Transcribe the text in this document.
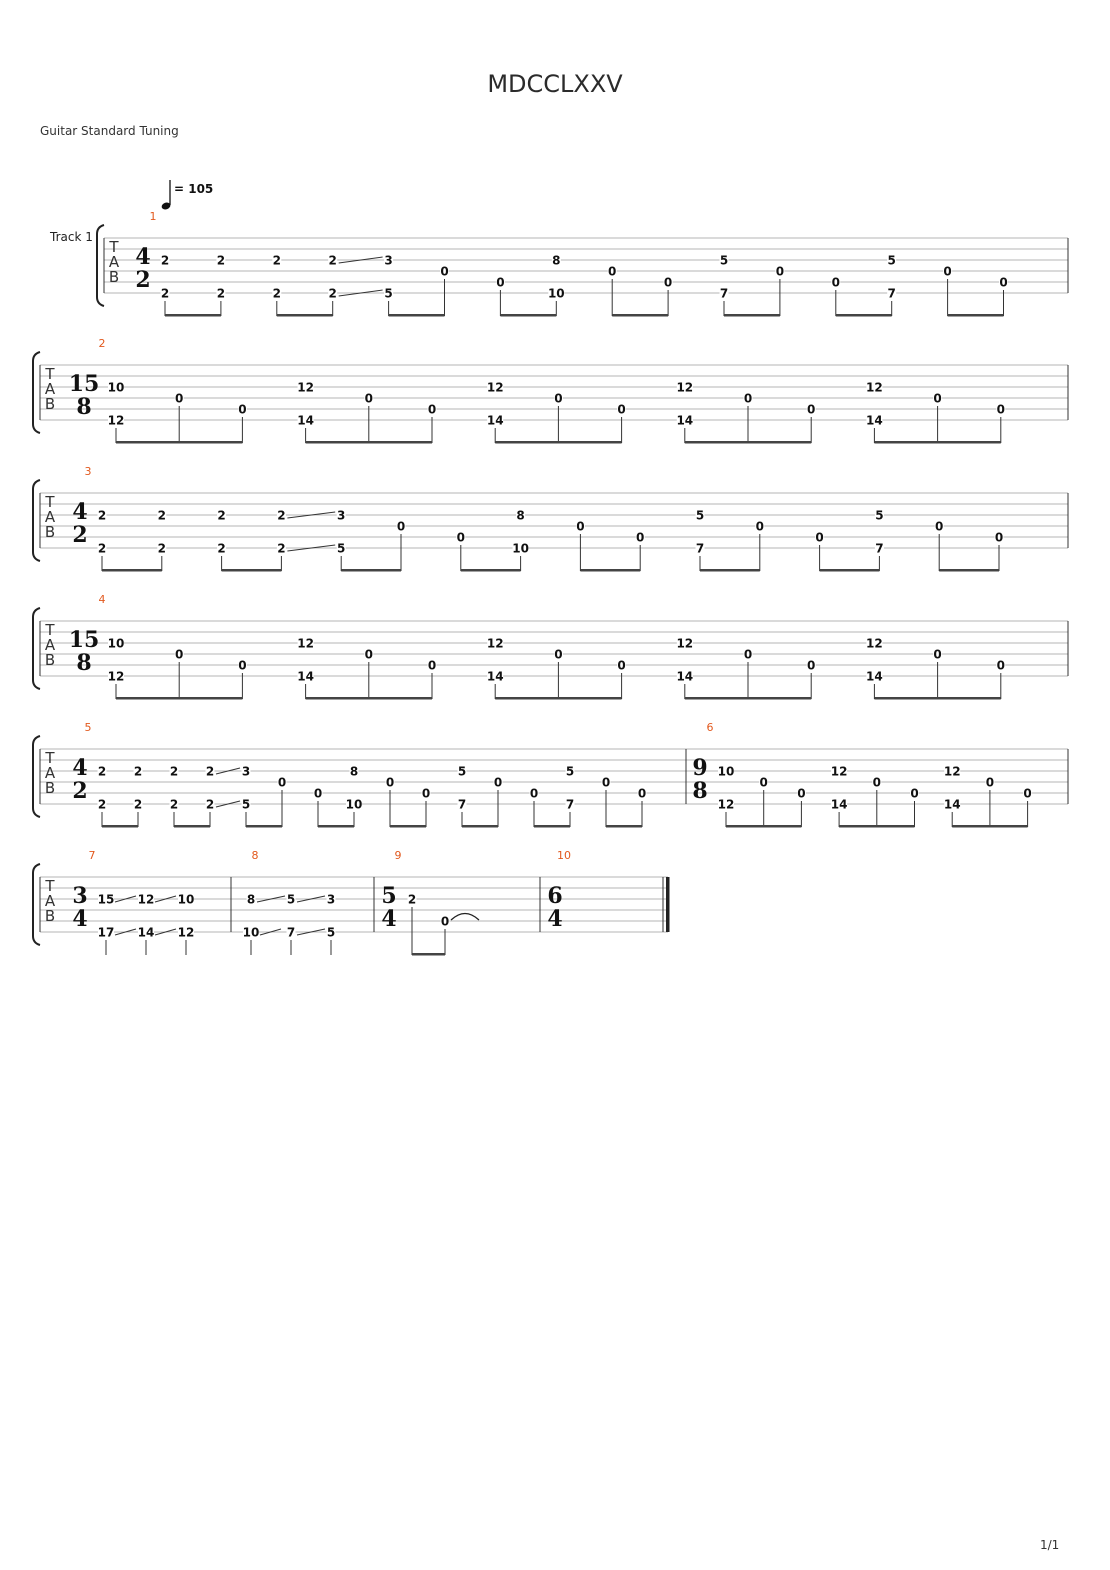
MDCCLXXV
Guitar Standard Tuning
1/1
T
A
B
Track 1
= 105
1
4
2
2
2
2
2
2
2
2
2
3
5
0
0
8
10
0
0
5
7
0
0
5
7
0
0
T
A
B
2
15
8
10
12
0
0
12
14
0
0
12
14
0
0
12
14
0
0
12
14
0
0
T
A
B
3
4
2
2
2
2
2
2
2
2
2
3
5
0
0
8
10
0
0
5
7
0
0
5
7
0
0
T
A
B
4
15
8
10
12
0
0
12
14
0
0
12
14
0
0
12
14
0
0
12
14
0
0
T
A
B
5
4
2
2
2
2
2
2
2
2
2
3
5
0
0
8
10
0
0
5
7
0
0
5
7
0
0
6
9
8
10
12
0
0
12
14
0
0
12
14
0
0
T
A
B
7
3
4
15
17
12
14
10
12
8
8
10
5
7
3
5
9
5
4
2
0
10
6
4
